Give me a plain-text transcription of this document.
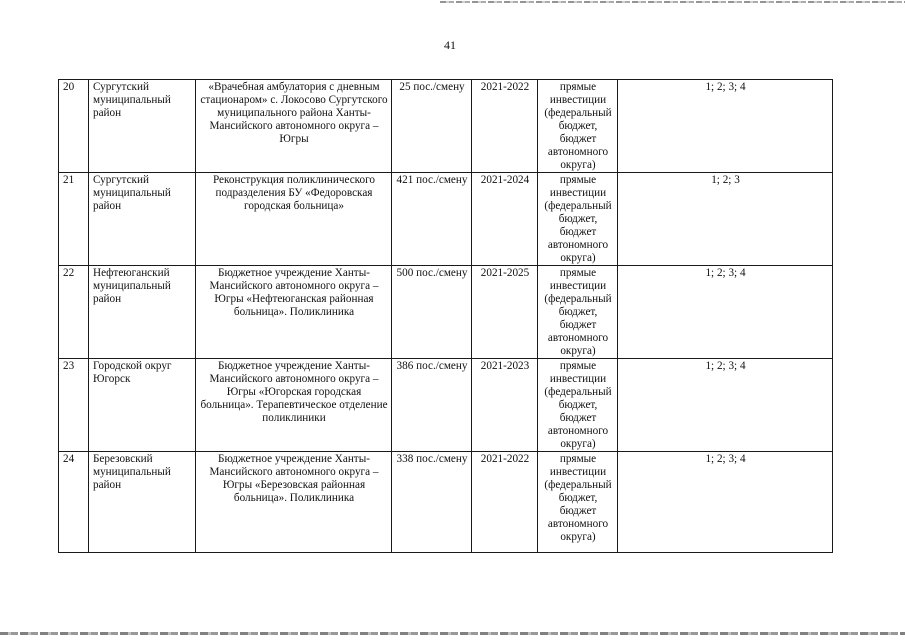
41
20	Сургутский муниципальный район	«Врачебная амбулатория с дневным стационаром» с. Локосово Сургутского муниципального района Ханты-Мансийского автономного округа – Югры	25 пос./смену	2021-2022	прямые инвестиции (федеральный бюджет, бюджет автономного округа)	1; 2; 3; 4
21	Сургутский муниципальный район	Реконструкция поликлинического подразделения БУ «Федоровская городская больница»	421 пос./смену	2021-2024	прямые инвестиции (федеральный бюджет, бюджет автономного округа)	1; 2; 3
22	Нефтеюганский муниципальный район	Бюджетное учреждение Ханты-Мансийского автономного округа – Югры «Нефтеюганская районная больница». Поликлиника	500 пос./смену	2021-2025	прямые инвестиции (федеральный бюджет, бюджет автономного округа)	1; 2; 3; 4
23	Городской округ Югорск	Бюджетное учреждение Ханты-Мансийского автономного округа – Югры «Югорская городская больница». Терапевтическое отделение поликлиники	386 пос./смену	2021-2023	прямые инвестиции (федеральный бюджет, бюджет автономного округа)	1; 2; 3; 4
24	Березовский муниципальный район	Бюджетное учреждение Ханты-Мансийского автономного округа – Югры «Березовская районная больница». Поликлиника	338 пос./смену	2021-2022	прямые инвестиции (федеральный бюджет, бюджет автономного округа)	1; 2; 3; 4
